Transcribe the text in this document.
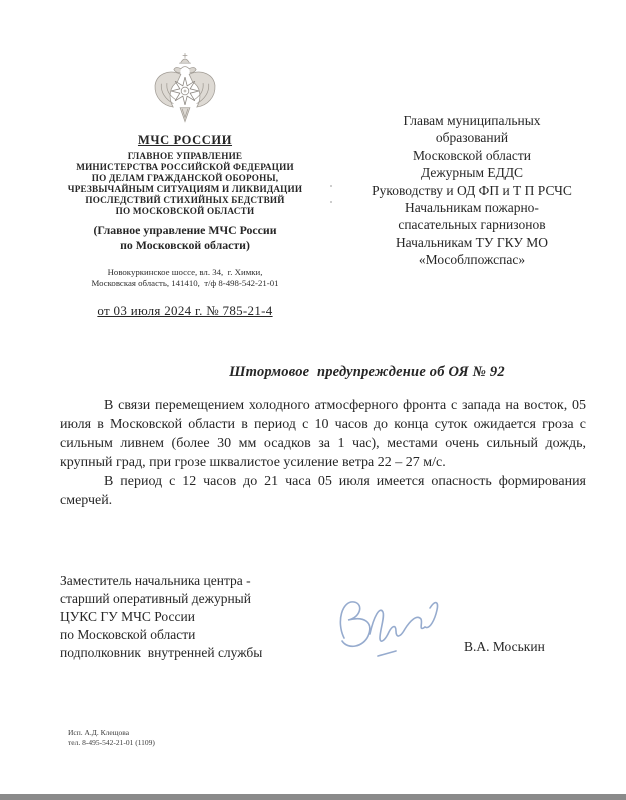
МЧС РОССИИ
ГЛАВНОЕ УПРАВЛЕНИЕ
МИНИСТЕРСТВА РОССИЙСКОЙ ФЕДЕРАЦИИ
ПО ДЕЛАМ ГРАЖДАНСКОЙ ОБОРОНЫ,
ЧРЕЗВЫЧАЙНЫМ СИТУАЦИЯМ И ЛИКВИДАЦИИ
ПОСЛЕДСТВИЙ СТИХИЙНЫХ БЕДСТВИЙ
ПО МОСКОВСКОЙ ОБЛАСТИ
(Главное управление МЧС России
по Московской области)
Новокуркинское шоссе, вл. 34,  г. Химки,
Московская область, 141410,  т/ф 8-498-542-21-01
от 03 июля 2024 г. № 785-21-4
Главам муниципальных
образований
Московской области
Дежурным ЕДДС
Руководству и ОД ФП и Т П РСЧС
Начальникам пожарно-
спасательных гарнизонов
Начальникам ТУ ГКУ МО
«Мособлпожспас»
Штормовое  предупреждение об ОЯ № 92

В связи перемещением холодного атмосферного фронта с запада на восток, 05 июля в Московской области в период с 10 часов до конца суток ожидается гроза с сильным ливнем (более 30 мм осадков за 1 час), местами очень сильный дождь, крупный град, при грозе шквалистое усиление ветра 22 – 27 м/с.

В период с 12 часов до 21 часа 05 июля имеется опасность формирования смерчей.

Заместитель начальника центра -
старший оперативный дежурный
ЦУКС ГУ МЧС России
по Московской области
подполковник  внутренней службы	В.А. Моськин
Исп. А.Д. Клещова
тел. 8-495-542-21-01 (1109)
